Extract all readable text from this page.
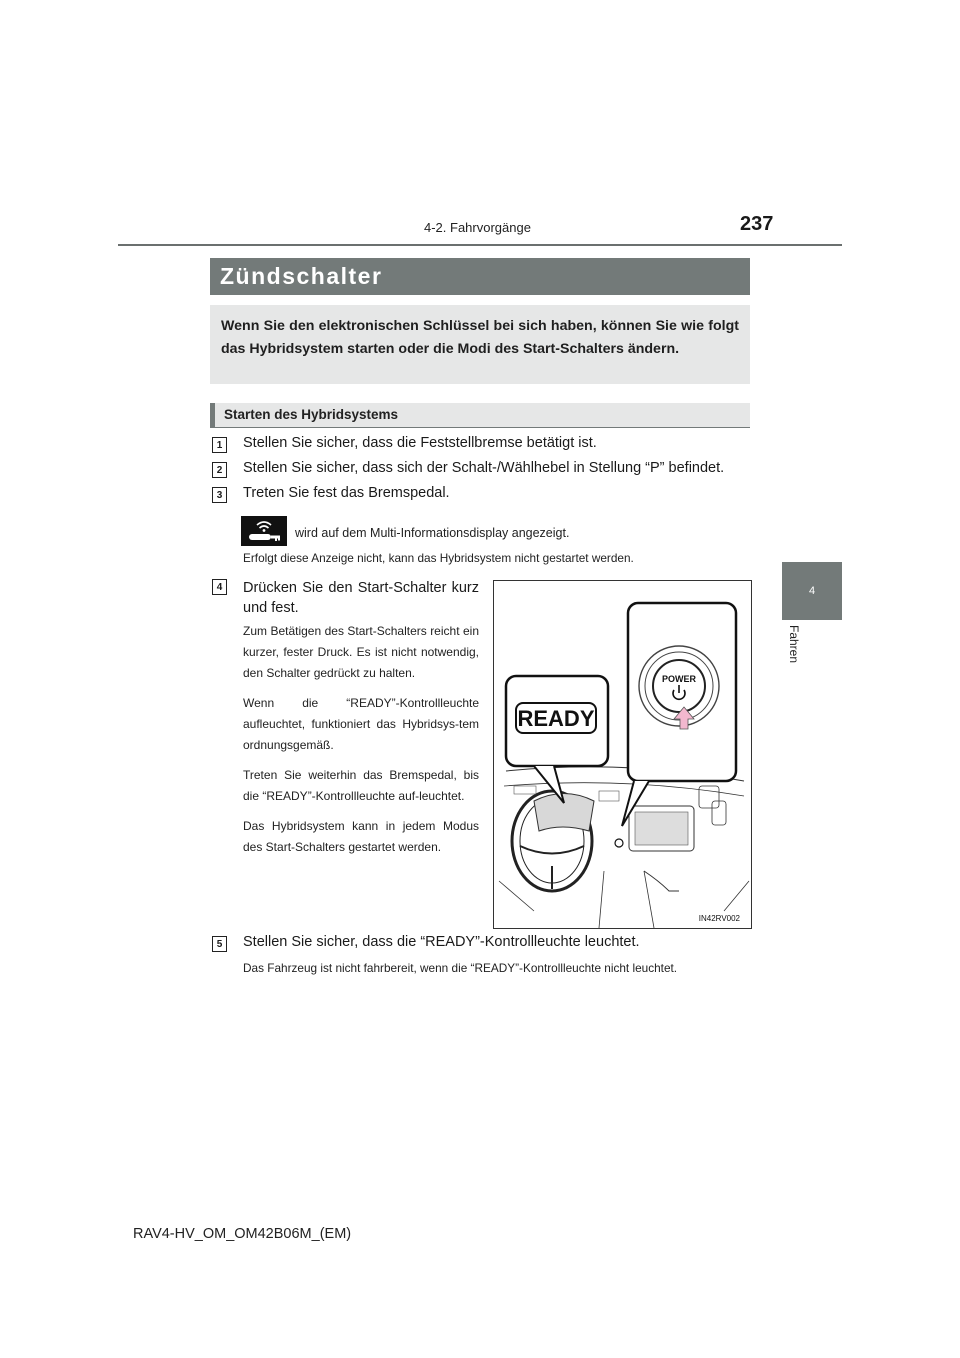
4-2. Fahrvorgänge	237
4
Fahren
Zündschalter
Wenn Sie den elektronischen Schlüssel bei sich haben, können Sie wie folgt das Hybridsystem starten oder die Modi des Start-Schalters ändern.
Starten des Hybridsystems
1	Stellen Sie sicher, dass die Feststellbremse betätigt ist.
2	Stellen Sie sicher, dass sich der Schalt-/Wählhebel in Stellung “P” befindet.
3	Treten Sie fest das Bremspedal.
wird auf dem Multi-Informationsdisplay angezeigt.
Erfolgt diese Anzeige nicht, kann das Hybridsystem nicht gestartet werden.
4	Drücken Sie den Start-Schalter kurz und fest.

Zum Betätigen des Start-Schalters reicht ein kurzer, fester Druck. Es ist nicht notwendig, den Schalter gedrückt zu halten.

Wenn die “READY”-Kontrollleuchte aufleuchtet, funktioniert das Hybridsys-tem ordnungsgemäß.

Treten Sie weiterhin das Bremspedal, bis die “READY”-Kontrollleuchte auf-leuchtet.

Das Hybridsystem kann in jedem Modus des Start-Schalters gestartet werden.

READY
POWER
IN42RV002
5	Stellen Sie sicher, dass die “READY”-Kontrollleuchte leuchtet.
Das Fahrzeug ist nicht fahrbereit, wenn die “READY”-Kontrollleuchte nicht leuchtet.
RAV4-HV_OM_OM42B06M_(EM)
